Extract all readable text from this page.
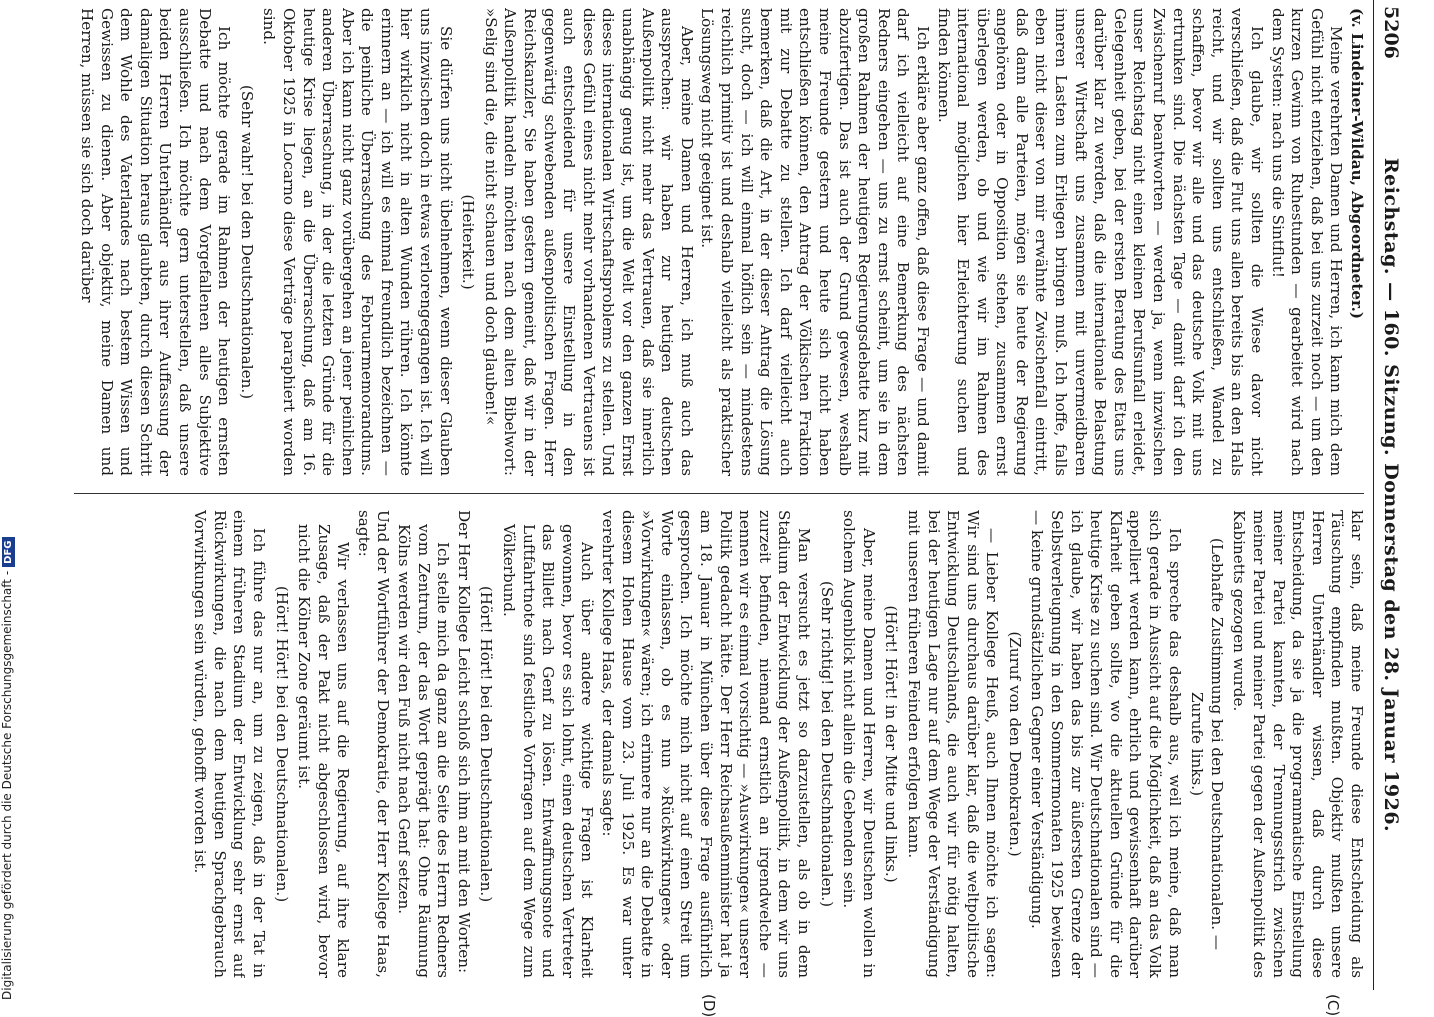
5206
Reichstag. — 160. Sitzung. Donnerstag den 28. Januar 1926.
(C)
(D)

(v. Lindeiner-Wildau, Abgeordneter.)

Meine verehrten Damen und Herren, ich kann mich dem Gefühl nicht entziehen, daß bei uns zurzeit noch — um den kurzen Gewinn von Ruhestunden — gearbeitet wird nach dem System: nach uns die Sintflut!

Ich glaube, wir sollten die Wiese davor nicht verschließen, daß die Flut uns allen bereits bis an den Hals reicht, und wir sollten uns entschließen, Wandel zu schaffen, bevor wir alle und das deutsche Volk mit uns ertrunken sind. Die nächsten Tage — damit darf ich den Zwischenruf beantworten — werden ja, wenn inzwischen unser Reichstag nicht einen kleinen Berufsunfall erleidet, Gelegenheit geben, bei der ersten Beratung des Etats uns darüber klar zu werden, daß die internationale Belastung unserer Wirtschaft uns zusammen mit unvermeidbaren inneren Lasten zum Erliegen bringen muß. Ich hoffe, falls eben nicht dieser von mir erwähnte Zwischenfall eintritt, daß dann alle Parteien, mögen sie heute der Regierung angehören oder in Opposition stehen, zusammen ernst überlegen werden, ob und wie wir im Rahmen des international möglichen hier Erleichterung suchen und finden können.

Ich erkläre aber ganz offen, daß diese Frage — und damit darf ich vielleicht auf eine Bemerkung des nächsten Redners eingehen — uns zu ernst scheint, um sie in dem großen Rahmen der heutigen Regierungsdebatte kurz mit abzufertigen. Das ist auch der Grund gewesen, weshalb meine Freunde gestern und heute sich nicht haben entschließen können, den Antrag der Völkischen Fraktion mit zur Debatte zu stellen. Ich darf vielleicht auch bemerken, daß die Art, in der dieser Antrag die Lösung sucht, doch — ich will einmal höflich sein — mindestens reichlich primitiv ist und deshalb vielleicht als praktischer Lösungsweg nicht geeignet ist.

Aber, meine Damen und Herren, ich muß auch das aussprechen: wir haben zur heutigen deutschen Außenpolitik nicht mehr das Vertrauen, daß sie innerlich unabhängig genug ist, um die Welt vor den ganzen Ernst dieses internationalen Wirtschaftsproblems zu stellen. Und dieses Gefühl eines nicht mehr vorhandenen Vertrauens ist auch entscheidend für unsere Einstellung in den gegenwärtig schwebenden außenpolitischen Fragen. Herr Reichskanzler, Sie haben gestern gemeint, daß wir in der Außenpolitik handeln möchten nach dem alten Bibelwort: »Selig sind die, die nicht schauen und doch glauben!«

(Heiterkeit.)

Sie dürfen uns nicht übelnehmen, wenn dieser Glauben uns inzwischen doch in etwas verlorengegangen ist. Ich will hier wirklich nicht in alten Wunden rühren. Ich könnte erinnern an — ich will es einmal freundlich bezeichnen — die peinliche Überraschung des Februarmemorandums. Aber ich kann nicht ganz vorübergehen an jener peinlichen anderen Überraschung, in der die letzten Gründe für die heutige Krise liegen, an die Überraschung, daß am 16. Oktober 1925 in Locarno diese Verträge paraphiert worden sind.

(Sehr wahr! bei den Deutschnationalen.)

Ich möchte gerade im Rahmen der heutigen ernsten Debatte und nach dem Vorgefallenen alles Subjektive ausschließen. Ich möchte gern unterstellen, daß unsere beiden Herren Unterhändler aus ihrer Auffassung der damaligen Situation heraus glaubten, durch diesen Schritt dem Wohle des Vaterlandes nach bestem Wissen und Gewissen zu dienen. Aber objektiv, meine Damen und Herren, müssen sie sich doch darüber

klar sein, daß meine Freunde diese Entscheidung als Täuschung empfinden mußten. Objektiv mußten unsere Herren Unterhändler wissen, daß durch diese Entscheidung, da sie ja die programmatische Einstellung meiner Partei kannten, der Trennungsstrich zwischen meiner Partei und meiner Partei gegen der Außenpolitik des Kabinetts gezogen wurde.

(Lebhafte Zustimmung bei den Deutschnationalen. — Zurufe links.)

Ich spreche das deshalb aus, weil ich meine, daß man sich gerade in Aussicht auf die Möglichkeit, daß an das Volk appelliert werden kann, ehrlich und gewissenhaft darüber Klarheit geben sollte, wo die aktuellen Gründe für die heutige Krise zu suchen sind. Wir Deutschnationalen sind — ich glaube, wir haben das bis zur äußersten Grenze der Selbstverleugnung in den Sommermonaten 1925 bewiesen — keine grundsätzlichen Gegner einer Verständigung.

(Zuruf von den Demokraten.)

— Lieber Kollege Heuß, auch Ihnen möchte ich sagen: Wir sind uns durchaus darüber klar, daß die weltpolitische Entwicklung Deutschlands, die auch wir für nötig halten, bei der heutigen Lage nur auf dem Wege der Verständigung mit unseren früheren Feinden erfolgen kann.

(Hört! Hört! in der Mitte und links.)

Aber, meine Damen und Herren, wir Deutschen wollen in solchem Augenblick nicht allein die Gebenden sein.

(Sehr richtig! bei den Deutschnationalen.)

Man versucht es jetzt so darzustellen, als ob in dem Stadium der Entwicklung der Außenpolitik, in dem wir uns zurzeit befinden, niemand ernstlich an irgendwelche — nennen wir es einmal vorsichtig — »Auswirkungen« unserer Politik gedacht hätte. Der Herr Reichsaußenminister hat ja am 18. Januar in München über diese Frage ausführlich gesprochen. Ich möchte mich nicht auf einen Streit um Worte einlassen, ob es nun »Rückwirkungen« oder »Vorwirkungen« wären; ich erinnere nur an die Debatte in diesem Hohen Hause vom 23. Juli 1925. Es war unter verehrter Kollege Haas, der damals sagte:

Auch über andere wichtige Fragen ist Klarheit gewonnen, bevor es sich lohnt, einen deutschen Vertreter das Billett nach Genf zu lösen. Entwaffnungsnote und Luftfahrtnote sind festliche Vorfragen auf dem Wege zum Völkerbund.

(Hört! Hört! bei den Deutschnationalen.)

Der Herr Kollege Leicht schloß sich ihm an mit den Worten:

Ich stelle mich da ganz an die Seite des Herrn Redners vom Zentrum, der das Wort geprägt hat: Ohne Räumung Kölns werden wir den Fuß nicht nach Genf setzen.

Und der Wortführer der Demokratie, der Herr Kollege Haas, sagte:

Wir verlassen uns auf die Regierung, auf ihre klare Zusage, daß der Pakt nicht abgeschlossen wird, bevor nicht die Kölner Zone geräumt ist.

(Hört! Hört! bei den Deutschnationalen.)

Ich führe das nur an, um zu zeigen, daß in der Tat in einem früheren Stadium der Entwicklung sehr ernst auf Rückwirkungen, die nach dem heutigen Sprachgebrauch Vorwirkungen sein würden, gehofft worden ist.

Digitalisierung gefördert durch die Deutsche Forschungsgemeinschaft -DFG
